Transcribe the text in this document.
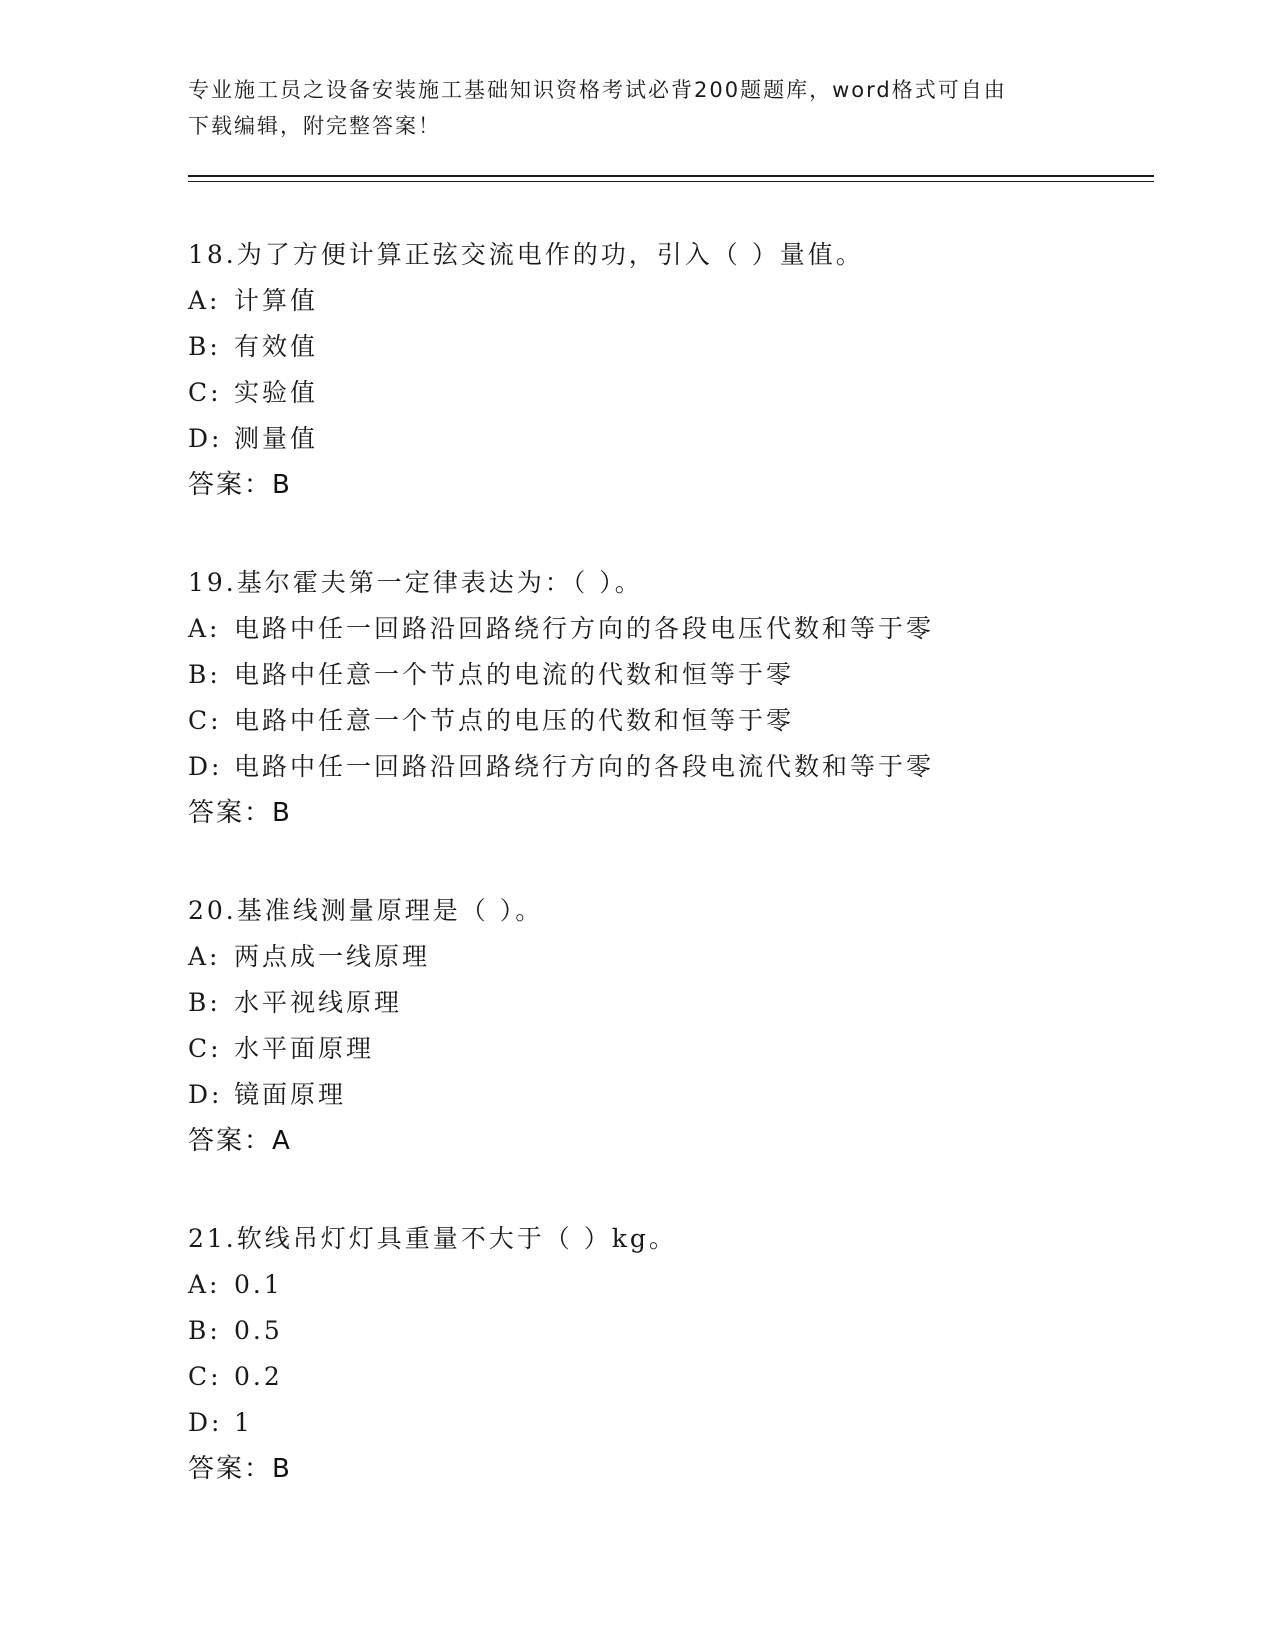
专业施工员之设备安装施工基础知识资格考试必背200题题库，word格式可自由
下载编辑，附完整答案！
18.为了方便计算正弦交流电作的功，引入（ ）量值。
A: 计算值
B: 有效值
C: 实验值
D: 测量值
答案：B
19.基尔霍夫第一定律表达为：（ ）。
A: 电路中任一回路沿回路绕行方向的各段电压代数和等于零
B: 电路中任意一个节点的电流的代数和恒等于零
C: 电路中任意一个节点的电压的代数和恒等于零
D: 电路中任一回路沿回路绕行方向的各段电流代数和等于零
答案：B
20.基准线测量原理是（ ）。
A: 两点成一线原理
B: 水平视线原理
C: 水平面原理
D: 镜面原理
答案：A
21.软线吊灯灯具重量不大于（ ）kg。
A: 0.1
B: 0.5
C: 0.2
D: 1
答案：B
